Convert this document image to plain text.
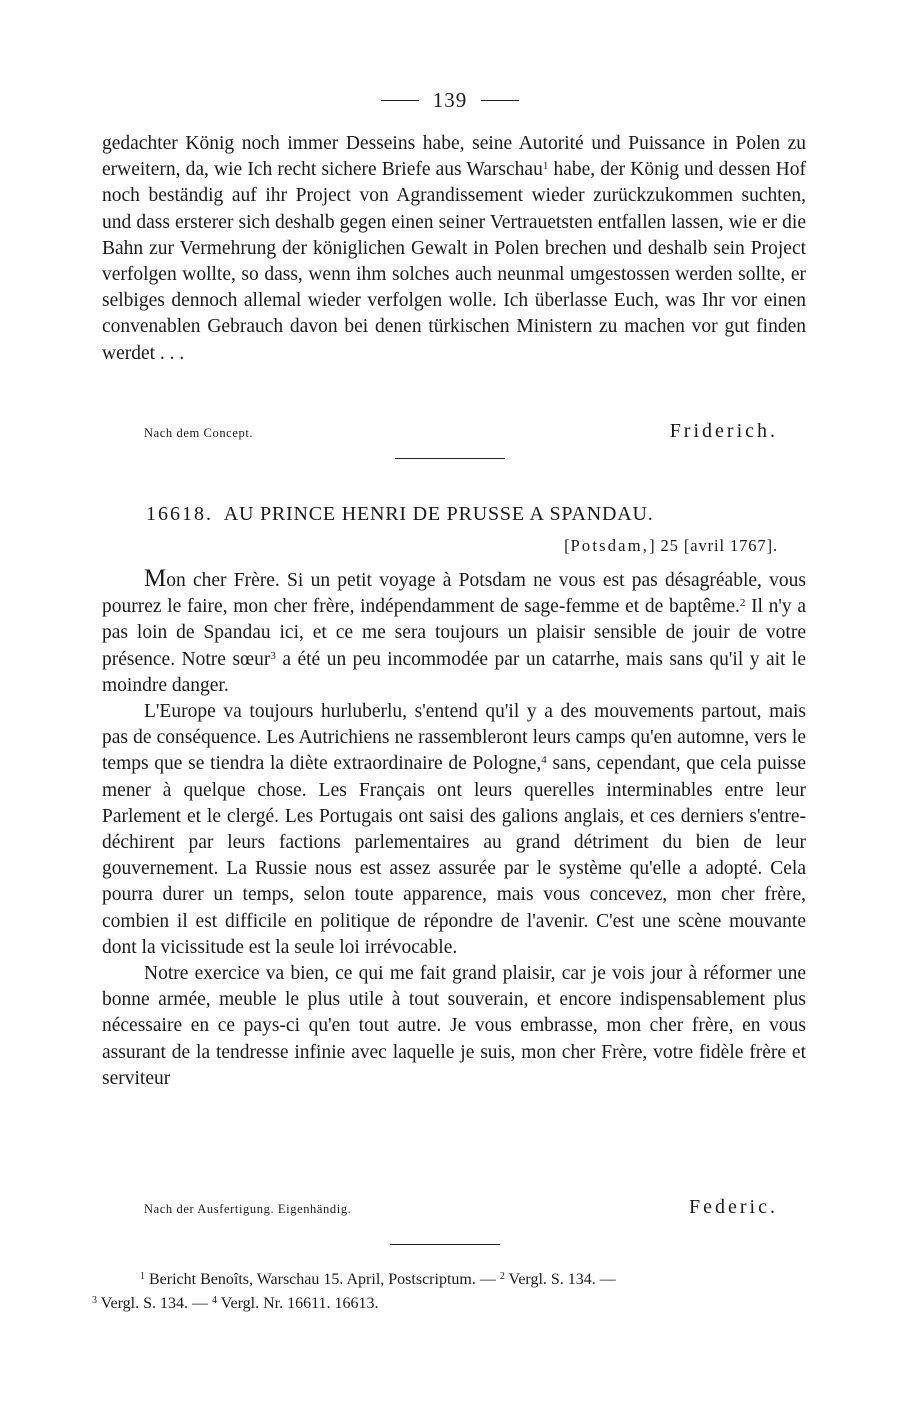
139

gedachter König noch immer Desseins habe, seine Autorité und Puissance in Polen zu erweitern, da, wie Ich recht sichere Briefe aus Warschau$^1$ habe, der König und dessen Hof noch beständig auf ihr Project von Agrandissement wieder zurückzukommen suchten, und dass ersterer sich deshalb gegen einen seiner Vertrauetsten entfallen lassen, wie er die Bahn zur Vermehrung der königlichen Gewalt in Polen brechen und deshalb sein Project verfolgen wollte, so dass, wenn ihm solches auch neunmal umgestossen werden sollte, er selbiges dennoch allemal wieder verfolgen wolle. Ich überlasse Euch, was Ihr vor einen convenablen Gebrauch davon bei denen türkischen Ministern zu machen vor gut finden werdet . . .

Nach dem Concept.	Friderich.
16618. AU PRINCE HENRI DE PRUSSE A SPANDAU.
[Potsdam,] 25 [avril 1767].

Mon cher Frère. Si un petit voyage à Potsdam ne vous est pas désagréable, vous pourrez le faire, mon cher frère, indépendamment de sage-femme et de baptême.$^2$ Il n'y a pas loin de Spandau ici, et ce me sera toujours un plaisir sensible de jouir de votre présence. Notre sœur$^3$ a été un peu incommodée par un catarrhe, mais sans qu'il y ait le moindre danger.

L'Europe va toujours hurluberlu, s'entend qu'il y a des mouvements partout, mais pas de conséquence. Les Autrichiens ne rassembleront leurs camps qu'en automne, vers le temps que se tiendra la diète extraordinaire de Pologne,$^4$ sans, cependant, que cela puisse mener à quelque chose. Les Français ont leurs querelles interminables entre leur Parlement et le clergé. Les Portugais ont saisi des galions anglais, et ces derniers s'entre-déchirent par leurs factions parlementaires au grand détriment du bien de leur gouvernement. La Russie nous est assez assurée par le système qu'elle a adopté. Cela pourra durer un temps, selon toute apparence, mais vous concevez, mon cher frère, combien il est difficile en politique de répondre de l'avenir. C'est une scène mouvante dont la vicissitude est la seule loi irrévocable.

Notre exercice va bien, ce qui me fait grand plaisir, car je vois jour à réformer une bonne armée, meuble le plus utile à tout souverain, et encore indispensablement plus nécessaire en ce pays-ci qu'en tout autre. Je vous embrasse, mon cher frère, en vous assurant de la tendresse infinie avec laquelle je suis, mon cher Frère, votre fidèle frère et serviteur

Nach der Ausfertigung. Eigenhändig.	Federic.

$^1$ Bericht Benoîts, Warschau 15. April, Postscriptum. — $^2$ Vergl. S. 134. —

$^3$ Vergl. S. 134. — $^4$ Vergl. Nr. 16611. 16613.
